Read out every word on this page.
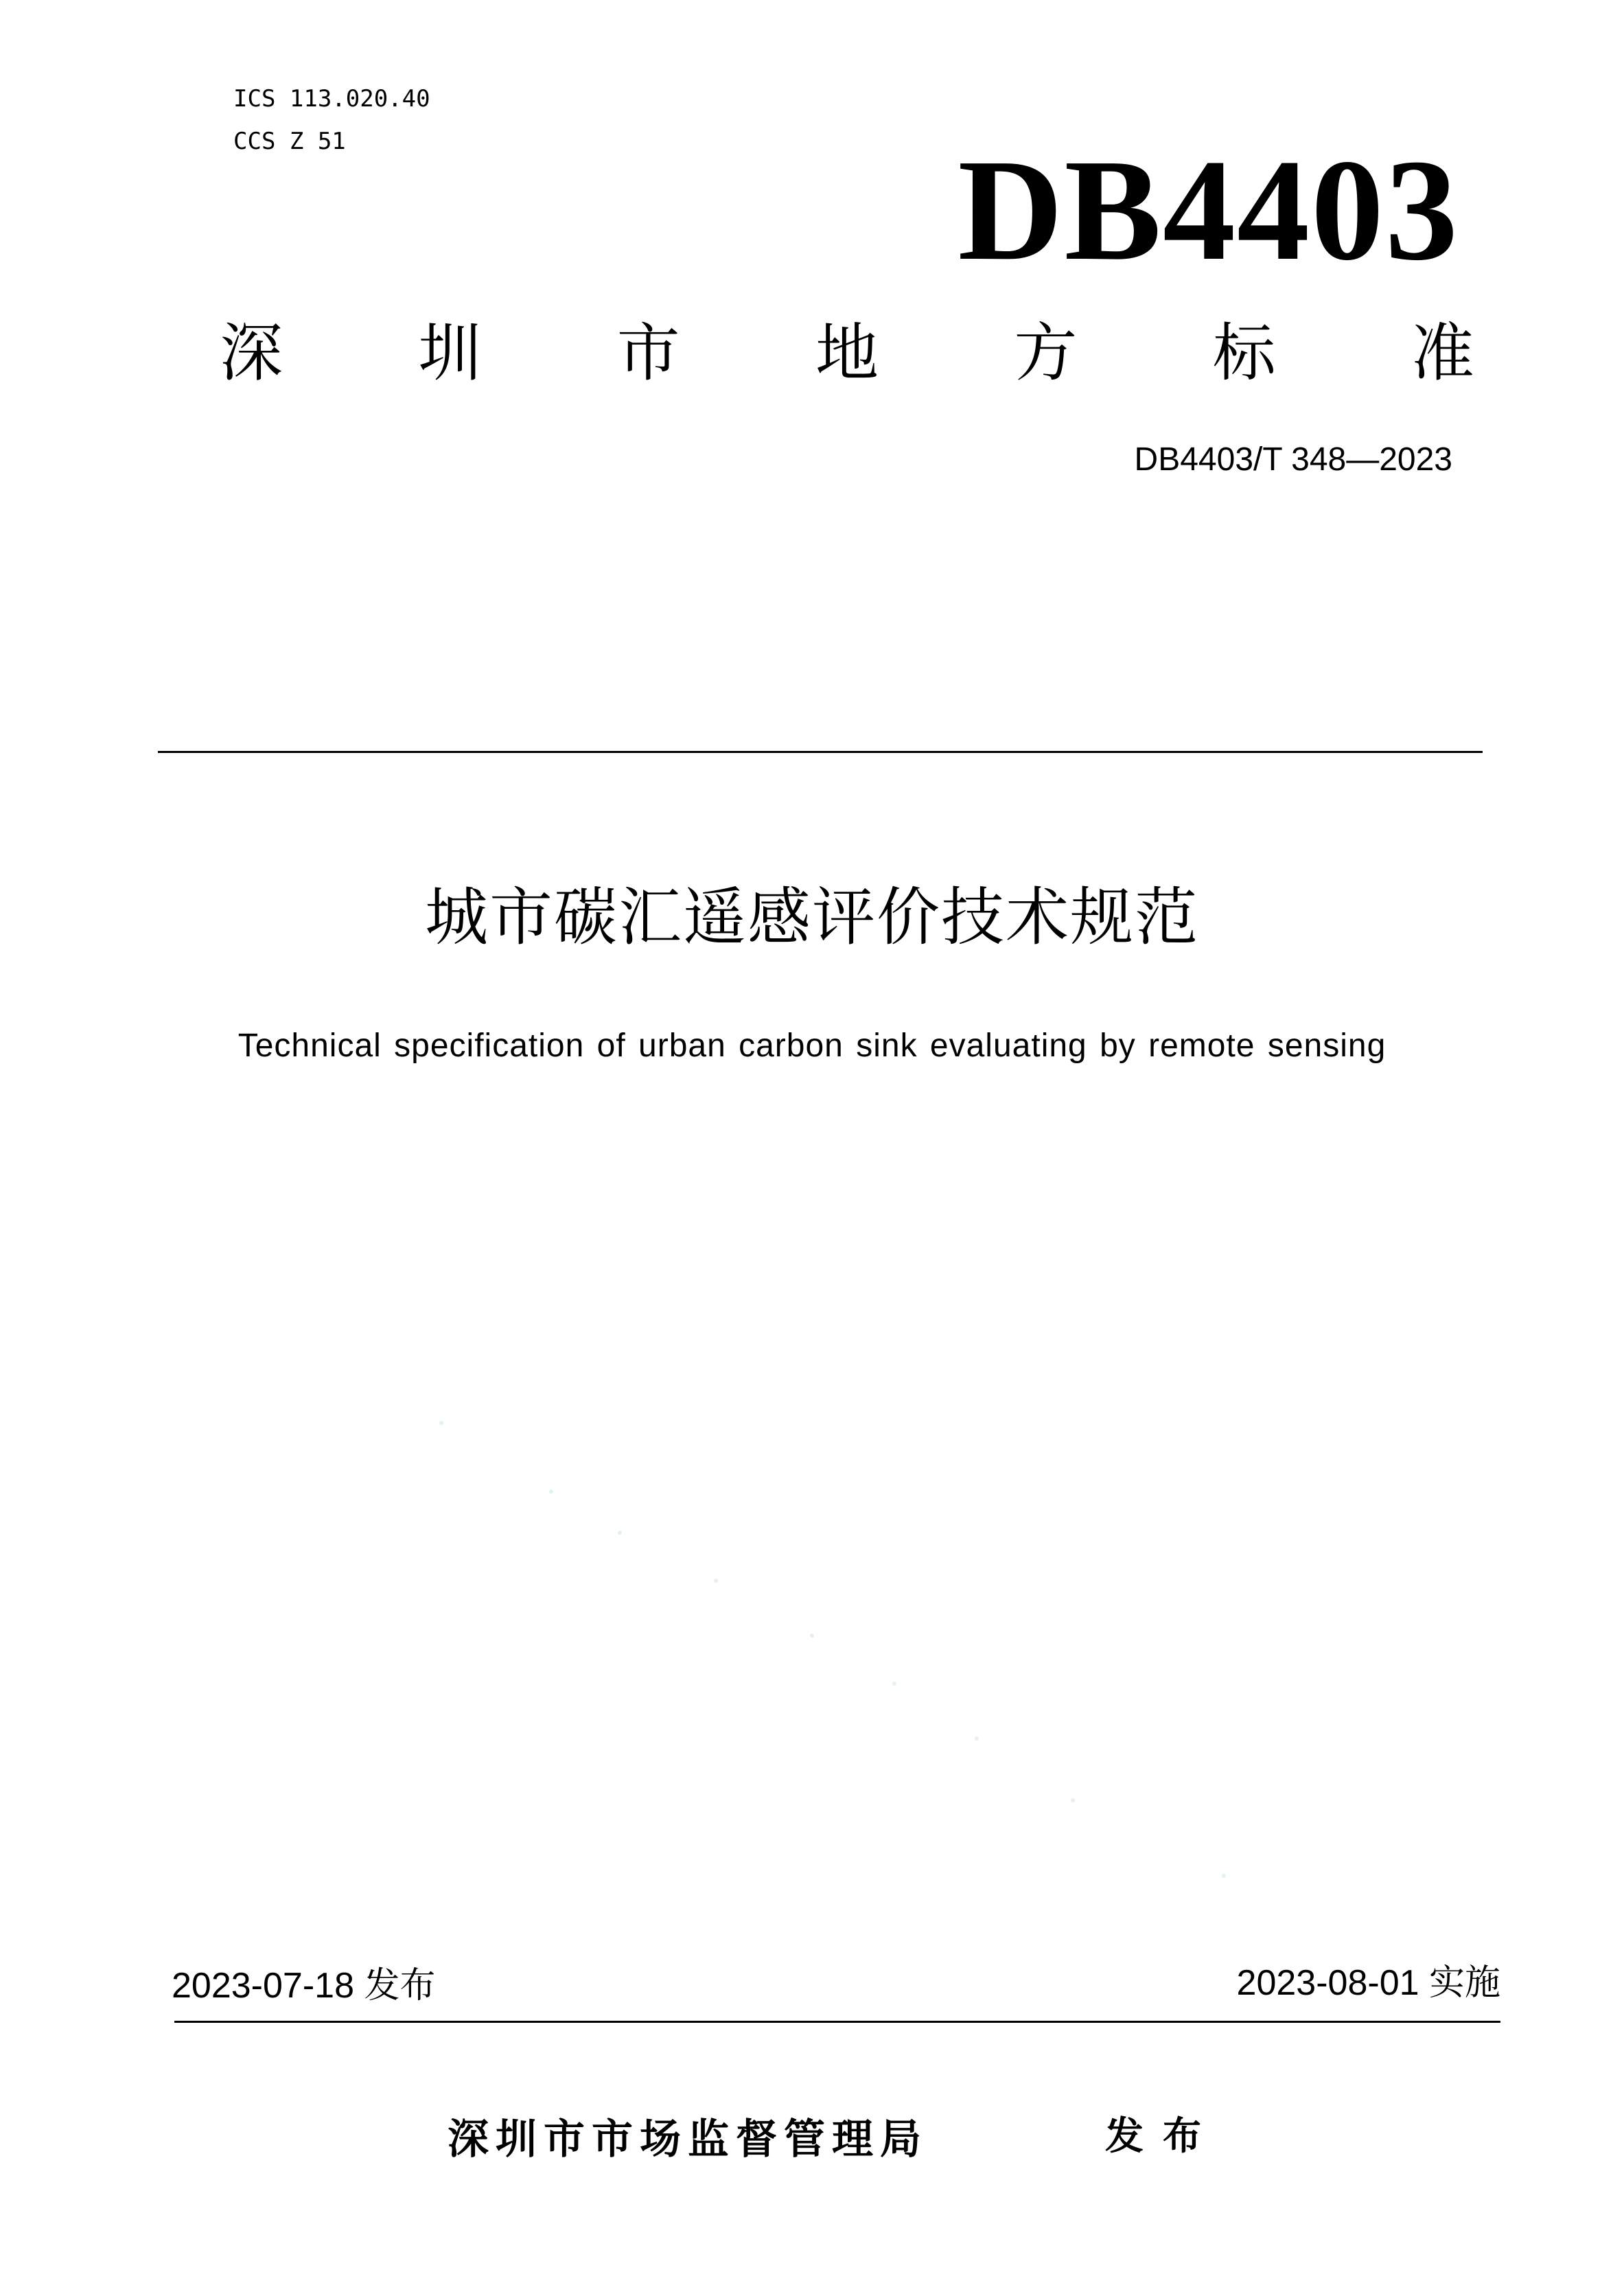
ICS 113.020.40
CCS Z 51	DB4403
深 圳 市 地 方 标 准
DB4403/T 348—2023
城市碳汇遥感评价技术规范
Technical specification of urban carbon sink evaluating by remote sensing
2023-07-18 发布	2023-08-01 实施
深圳市市场监督管理局	发布
